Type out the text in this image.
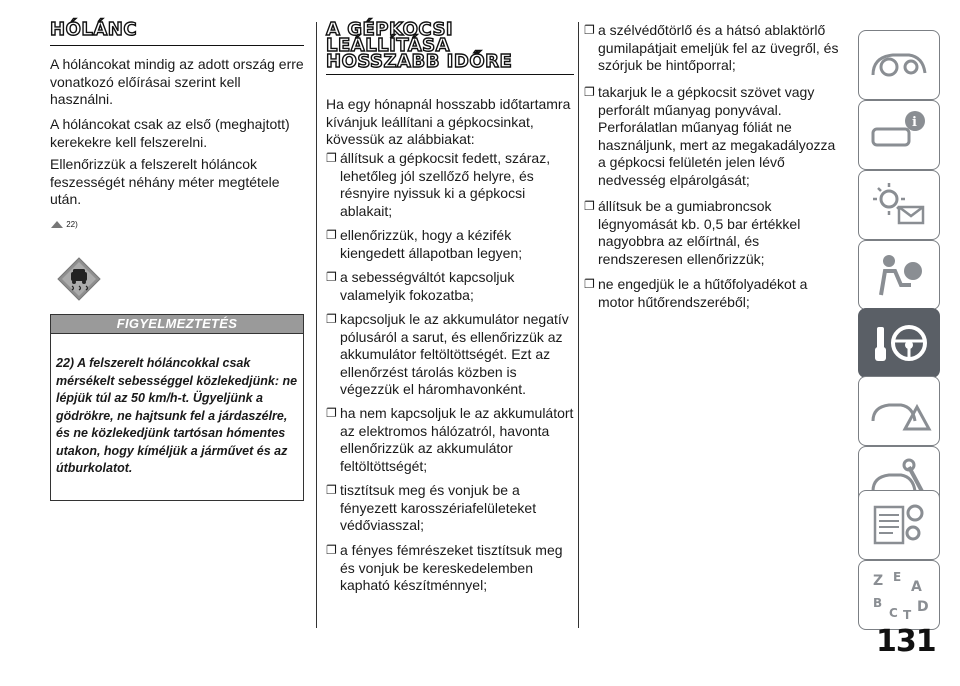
HÓLÁNC

A hóláncokat mindig az adott ország erre vonatkozó előírásai szerint kell használni.

A hóláncokat csak az első (meghajtott) kerekekre kell felszerelni.

Ellenőrizzük a felszerelt hóláncok feszességét néhány méter megtétele után.

22)
FIGYELMEZTETÉS

22) A felszerelt hóláncokkal csak mérsékelt sebességgel közlekedjünk: ne lépjük túl az 50 km/h-t. Ügyeljünk a gödrökre, ne hajtsunk fel a járdaszélre, és ne közlekedjünk tartósan hómentes utakon, hogy kíméljük a járművet és az útburkolatot.

A GÉPKOCSI
LEÁLLÍTÁSA
HOSSZABB IDŐRE

Ha egy hónapnál hosszabb időtartamra kívánjuk leállítani a gépkocsinkat, kövessük az alábbiakat:

❐ állítsuk a gépkocsit fedett, száraz, lehetőleg jól szellőző helyre, és résnyire nyissuk ki a gépkocsi ablakait;
❐ ellenőrizzük, hogy a kézifék kiengedett állapotban legyen;
❐ a sebességváltót kapcsoljuk valamelyik fokozatba;
❐ kapcsoljuk le az akkumulátor negatív pólusáról a sarut, és ellenőrizzük az akkumulátor feltöltöttségét. Ezt az ellenőrzést tárolás közben is végezzük el háromhavonként.
❐ ha nem kapcsoljuk le az akkumulátort az elektromos hálózatról, havonta ellenőrizzük az akkumulátor feltöltöttségét;
❐ tisztítsuk meg és vonjuk be a fényezett karosszériafelületeket védőviasszal;
❐ a fényes fémrészeket tisztítsuk meg és vonjuk be kereskedelemben kapható készítménnyel;
❐ a szélvédőtörlő és a hátsó ablaktörlő gumilapátjait emeljük fel az üvegről, és szórjuk be hintőporral;
❐ takarjuk le a gépkocsit szövet vagy perforált műanyag ponyvával. Perforálatlan műanyag fóliát ne használjunk, mert az megakadályozza a gépkocsi felületén jelen lévő nedvesség elpárolgását;
❐ állítsuk be a gumiabroncsok légnyomását kb. 0,5 bar értékkel nagyobbra az előírtnál, és rendszeresen ellenőrizzük;
❐ ne engedjük le a hűtőfolyadékot a motor hűtőrendszeréből;
i
Z E
A
B
C T D
131
